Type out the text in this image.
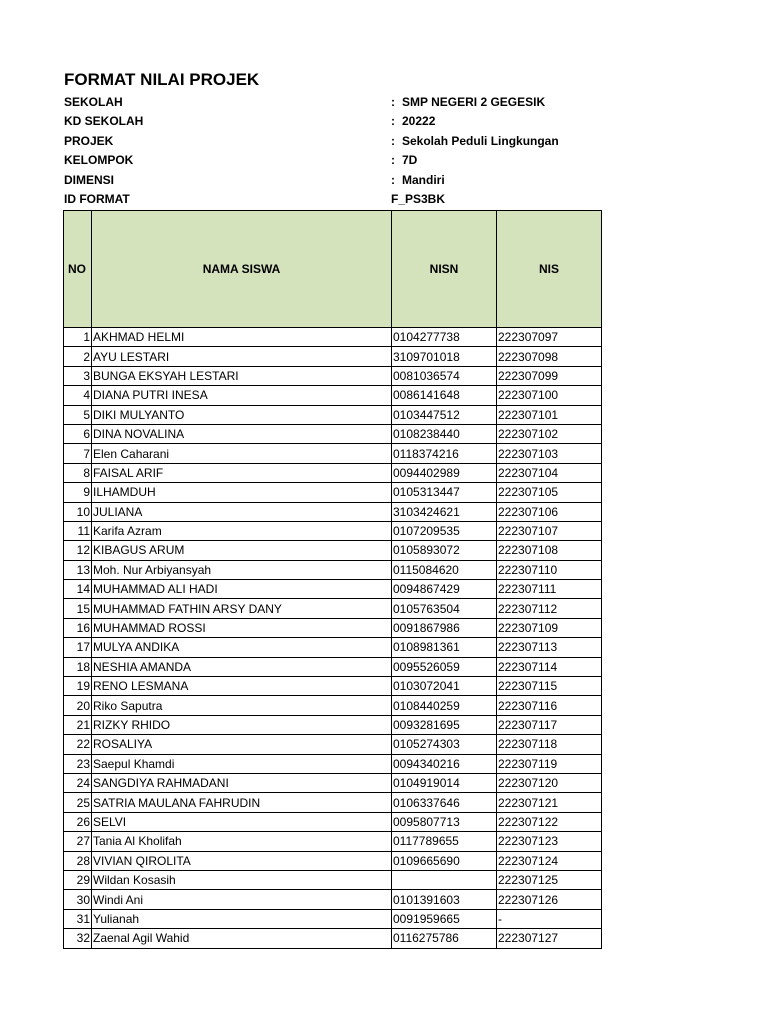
FORMAT NILAI PROJEK
SEKOLAH	: SMP NEGERI 2 GEGESIK
KD SEKOLAH	: 20222
PROJEK	: Sekolah Peduli Lingkungan
KELOMPOK	: 7D
DIMENSI	: Mandiri
ID FORMAT	F_PS3BK
NO	NAMA SISWA	NISN	NIS
1	AKHMAD HELMI	0104277738	222307097
2	AYU LESTARI	3109701018	222307098
3	BUNGA EKSYAH LESTARI	0081036574	222307099
4	DIANA PUTRI INESA	0086141648	222307100
5	DIKI MULYANTO	0103447512	222307101
6	DINA NOVALINA	0108238440	222307102
7	Elen Caharani	0118374216	222307103
8	FAISAL ARIF	0094402989	222307104
9	ILHAMDUH	0105313447	222307105
10	JULIANA	3103424621	222307106
11	Karifa Azram	0107209535	222307107
12	KIBAGUS ARUM	0105893072	222307108
13	Moh. Nur Arbiyansyah	0115084620	222307110
14	MUHAMMAD ALI HADI	0094867429	222307111
15	MUHAMMAD FATHIN ARSY DANY	0105763504	222307112
16	MUHAMMAD ROSSI	0091867986	222307109
17	MULYA ANDIKA	0108981361	222307113
18	NESHIA AMANDA	0095526059	222307114
19	RENO LESMANA	0103072041	222307115
20	Riko Saputra	0108440259	222307116
21	RIZKY RHIDO	0093281695	222307117
22	ROSALIYA	0105274303	222307118
23	Saepul Khamdi	0094340216	222307119
24	SANGDIYA RAHMADANI	0104919014	222307120
25	SATRIA MAULANA FAHRUDIN	0106337646	222307121
26	SELVI	0095807713	222307122
27	Tania Al Kholifah	0117789655	222307123
28	VIVIAN QIROLITA	0109665690	222307124
29	Wildan Kosasih		222307125
30	Windi Ani	0101391603	222307126
31	Yulianah	0091959665	-
32	Zaenal Agil Wahid	0116275786	222307127
